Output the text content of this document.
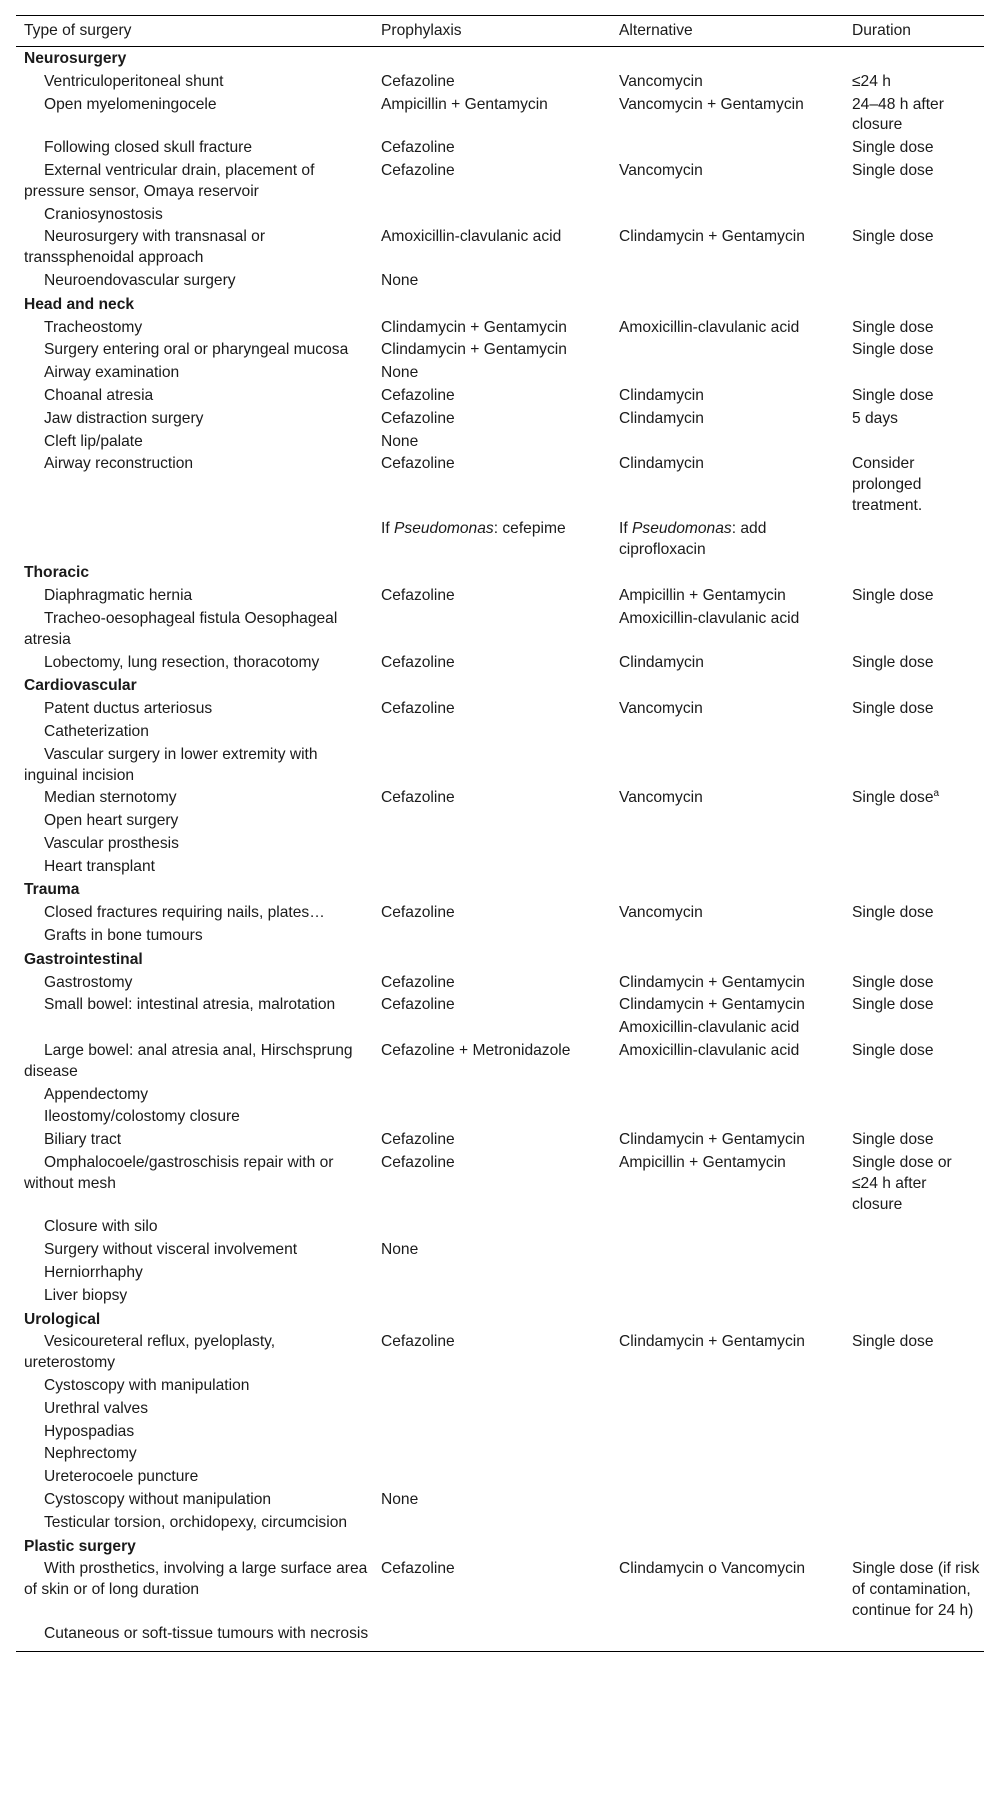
Type of surgery	Prophylaxis	Alternative	Duration
Neurosurgery			

Ventriculoperitoneal shunt	Cefazoline	Vancomycin	≤24 h

Open myelomeningocele	Ampicillin + Gentamycin	Vancomycin + Gentamycin	24–48 h after closure

Following closed skull fracture	Cefazoline		Single dose

External ventricular drain, placement of pressure sensor, Omaya reservoir	Cefazoline	Vancomycin	Single dose

Craniosynostosis			

Neurosurgery with transnasal or transsphenoidal approach	Amoxicillin-clavulanic acid	Clindamycin + Gentamycin	Single dose

Neuroendovascular surgery	None		
Head and neck			

Tracheostomy	Clindamycin + Gentamycin	Amoxicillin-clavulanic acid	Single dose

Surgery entering oral or pharyngeal mucosa	Clindamycin + Gentamycin		Single dose

Airway examination	None		

Choanal atresia	Cefazoline	Clindamycin	Single dose

Jaw distraction surgery	Cefazoline	Clindamycin	5 days

Cleft lip/palate	None		

Airway reconstruction	Cefazoline	Clindamycin	Consider prolonged treatment.

	If Pseudomonas: cefepime	If Pseudomonas: add ciprofloxacin	
Thoracic			

Diaphragmatic hernia	Cefazoline	Ampicillin + Gentamycin	Single dose

Tracheo-oesophageal fistula Oesophageal atresia		Amoxicillin-clavulanic acid	

Lobectomy, lung resection, thoracotomy	Cefazoline	Clindamycin	Single dose
Cardiovascular			

Patent ductus arteriosus	Cefazoline	Vancomycin	Single dose

Catheterization			

Vascular surgery in lower extremity with inguinal incision			

Median sternotomy	Cefazoline	Vancomycin	Single dose$^a$

Open heart surgery			

Vascular prosthesis			

Heart transplant			

Trauma			

Closed fractures requiring nails, plates…	Cefazoline	Vancomycin	Single dose

Grafts in bone tumours			

Gastrointestinal			

Gastrostomy	Cefazoline	Clindamycin + Gentamycin	Single dose

Small bowel: intestinal atresia, malrotation	Cefazoline	Clindamycin + Gentamycin	Single dose

		Amoxicillin-clavulanic acid	

Large bowel: anal atresia anal, Hirschsprung disease	Cefazoline + Metronidazole	Amoxicillin-clavulanic acid	Single dose

Appendectomy			

Ileostomy/colostomy closure			

Biliary tract	Cefazoline	Clindamycin + Gentamycin	Single dose

Omphalocoele/gastroschisis repair with or without mesh	Cefazoline	Ampicillin + Gentamycin	Single dose or ≤24 h after closure

Closure with silo			

Surgery without visceral involvement	None		

Herniorrhaphy			

Liver biopsy			

Urological			

Vesicoureteral reflux, pyeloplasty, ureterostomy	Cefazoline	Clindamycin + Gentamycin	Single dose

Cystoscopy with manipulation			

Urethral valves			

Hypospadias			

Nephrectomy			

Ureterocoele puncture			

Cystoscopy without manipulation	None		

Testicular torsion, orchidopexy, circumcision			

Plastic surgery			

With prosthetics, involving a large surface area of skin or of long duration	Cefazoline	Clindamycin o Vancomycin	Single dose (if risk of contamination, continue for 24 h)

Cutaneous or soft-tissue tumours with necrosis			
